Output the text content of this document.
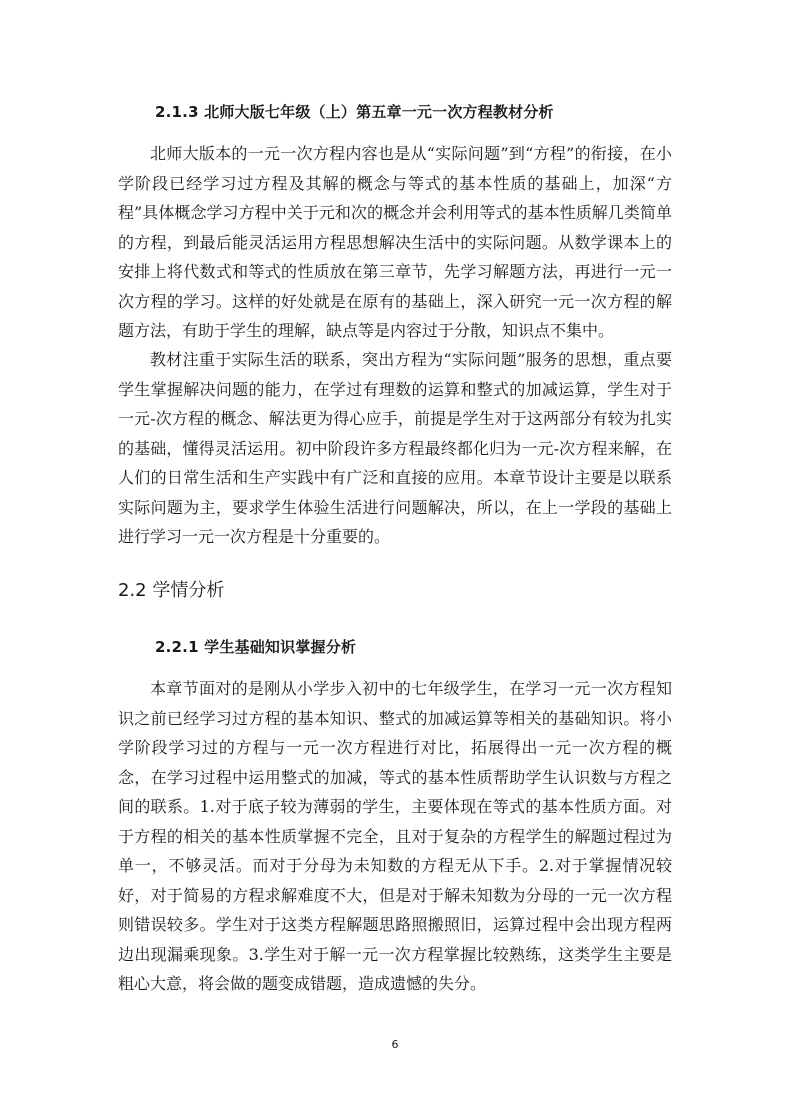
2.1.3 北师大版七年级（上）第五章一元一次方程教材分析

北师大版本的一元一次方程内容也是从“实际问题”到“方程”的衔接，在小学阶段已经学习过方程及其解的概念与等式的基本性质的基础上，加深“方程”具体概念学习方程中关于元和次的概念并会利用等式的基本性质解几类简单的方程，到最后能灵活运用方程思想解决生活中的实际问题。从数学课本上的安排上将代数式和等式的性质放在第三章节，先学习解题方法，再进行一元一次方程的学习。这样的好处就是在原有的基础上，深入研究一元一次方程的解题方法，有助于学生的理解，缺点等是内容过于分散，知识点不集中。

教材注重于实际生活的联系，突出方程为“实际问题”服务的思想，重点要学生掌握解决问题的能力，在学过有理数的运算和整式的加减运算，学生对于一元-次方程的概念、解法更为得心应手，前提是学生对于这两部分有较为扎实的基础，懂得灵活运用。初中阶段许多方程最终都化归为一元-次方程来解，在人们的日常生活和生产实践中有广泛和直接的应用。本章节设计主要是以联系实际问题为主，要求学生体验生活进行问题解决，所以，在上一学段的基础上进行学习一元一次方程是十分重要的。

2.2 学情分析
2.2.1 学生基础知识掌握分析

本章节面对的是刚从小学步入初中的七年级学生，在学习一元一次方程知识之前已经学习过方程的基本知识、整式的加减运算等相关的基础知识。将小学阶段学习过的方程与一元一次方程进行对比，拓展得出一元一次方程的概念，在学习过程中运用整式的加减，等式的基本性质帮助学生认识数与方程之间的联系。1.对于底子较为薄弱的学生，主要体现在等式的基本性质方面。对于方程的相关的基本性质掌握不完全，且对于复杂的方程学生的解题过程过为单一，不够灵活。而对于分母为未知数的方程无从下手。2.对于掌握情况较好，对于简易的方程求解难度不大，但是对于解未知数为分母的一元一次方程则错误较多。学生对于这类方程解题思路照搬照旧，运算过程中会出现方程两边出现漏乘现象。3.学生对于解一元一次方程掌握比较熟练，这类学生主要是粗心大意，将会做的题变成错题，造成遗憾的失分。

6
